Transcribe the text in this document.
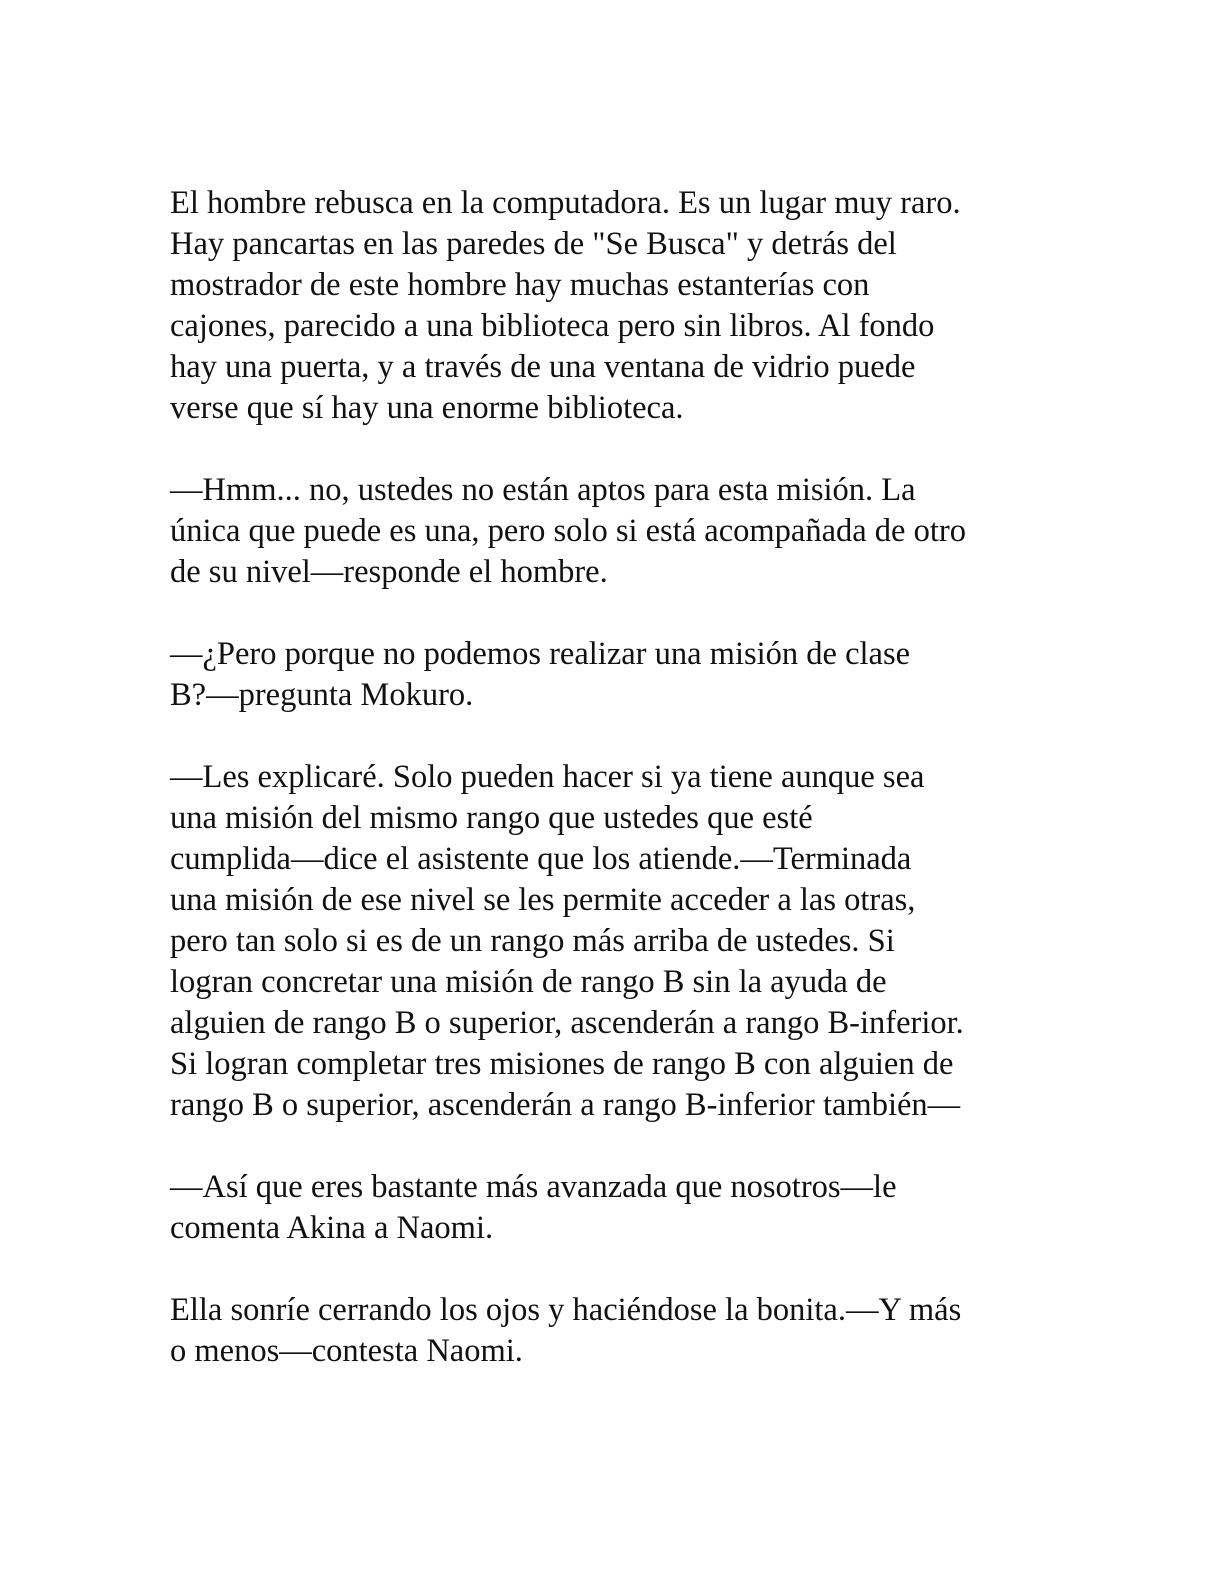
El hombre rebusca en la computadora. Es un lugar muy raro.
Hay pancartas en las paredes de "Se Busca" y detrás del
mostrador de este hombre hay muchas estanterías con
cajones, parecido a una biblioteca pero sin libros. Al fondo
hay una puerta, y a través de una ventana de vidrio puede
verse que sí hay una enorme biblioteca.

—Hmm... no, ustedes no están aptos para esta misión. La
única que puede es una, pero solo si está acompañada de otro
de su nivel—responde el hombre.

—¿Pero porque no podemos realizar una misión de clase
B?—pregunta Mokuro.

—Les explicaré. Solo pueden hacer si ya tiene aunque sea
una misión del mismo rango que ustedes que esté
cumplida—dice el asistente que los atiende.—Terminada
una misión de ese nivel se les permite acceder a las otras,
pero tan solo si es de un rango más arriba de ustedes. Si
logran concretar una misión de rango B sin la ayuda de
alguien de rango B o superior, ascenderán a rango B-inferior.
Si logran completar tres misiones de rango B con alguien de
rango B o superior, ascenderán a rango B-inferior también—

—Así que eres bastante más avanzada que nosotros—le
comenta Akina a Naomi.

Ella sonríe cerrando los ojos y haciéndose la bonita.—Y más
o menos—contesta Naomi.
